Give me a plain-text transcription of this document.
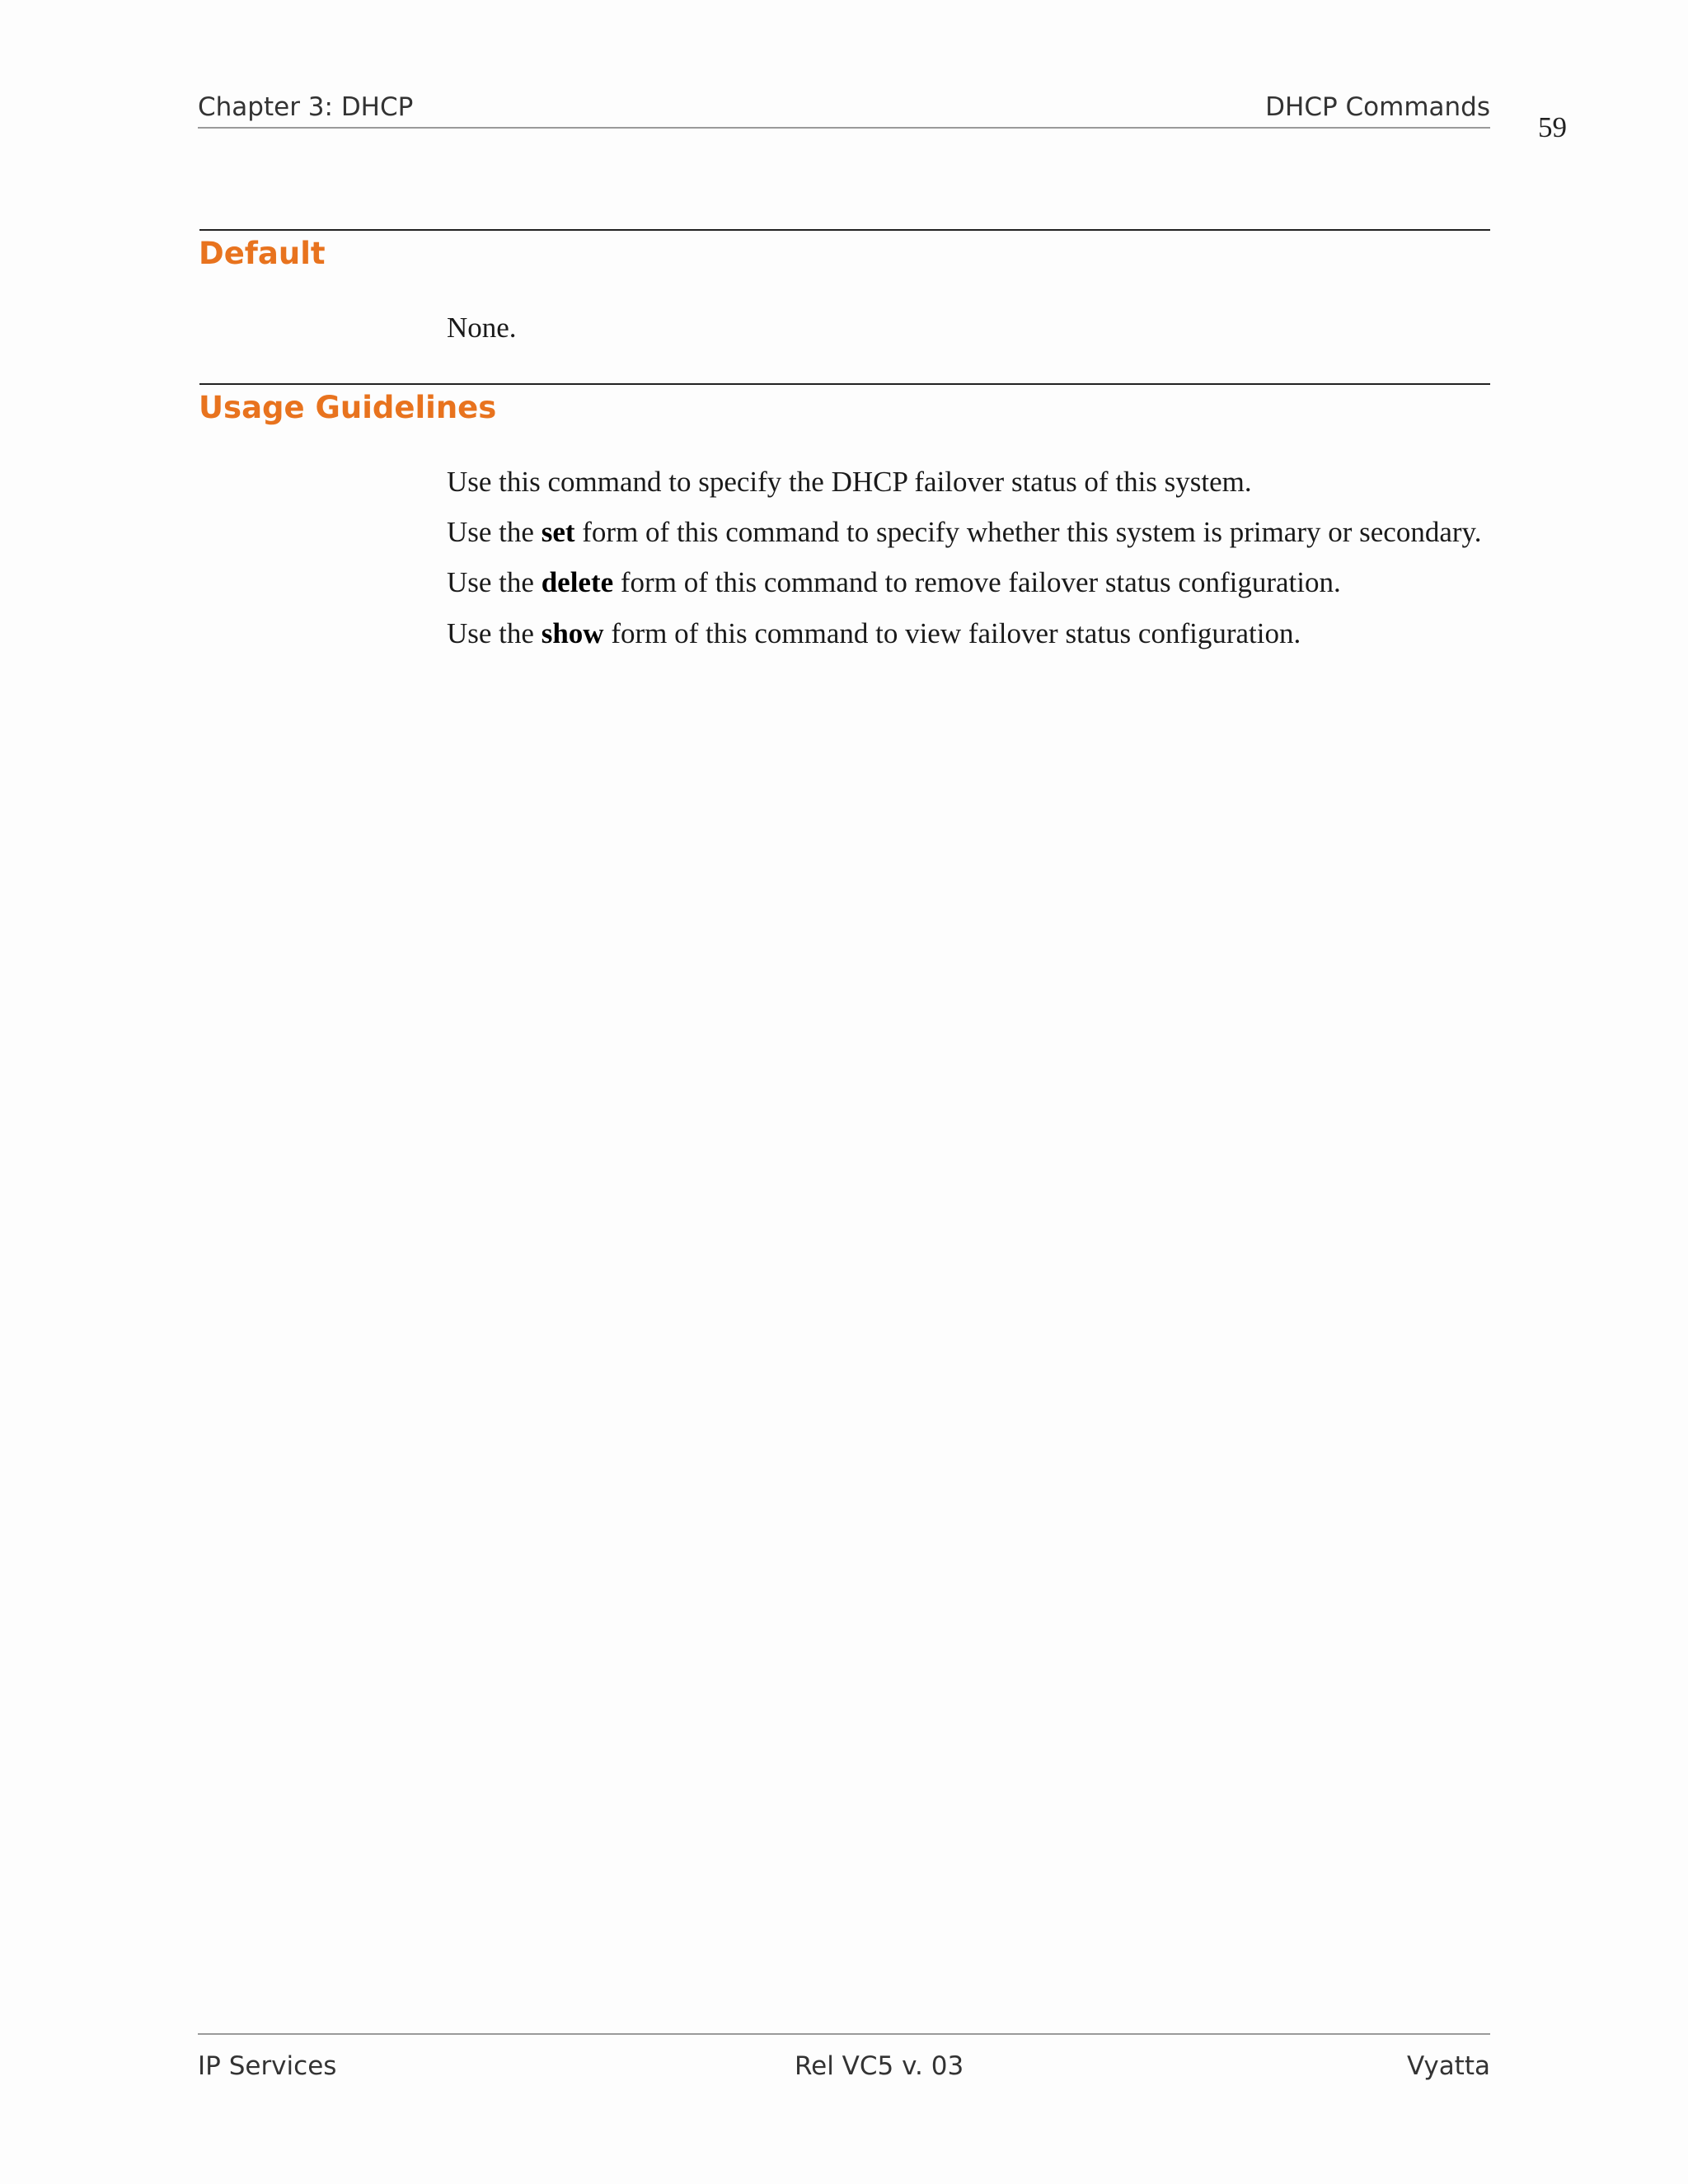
Chapter 3: DHCP	DHCP Commands
59
Default
None.
Usage Guidelines
Use this command to specify the DHCP failover status of this system.
Use the set form of this command to specify whether this system is primary or secondary.
Use the delete form of this command to remove failover status configuration.
Use the show form of this command to view failover status configuration.
IP Services	Rel VC5 v. 03	Vyatta
